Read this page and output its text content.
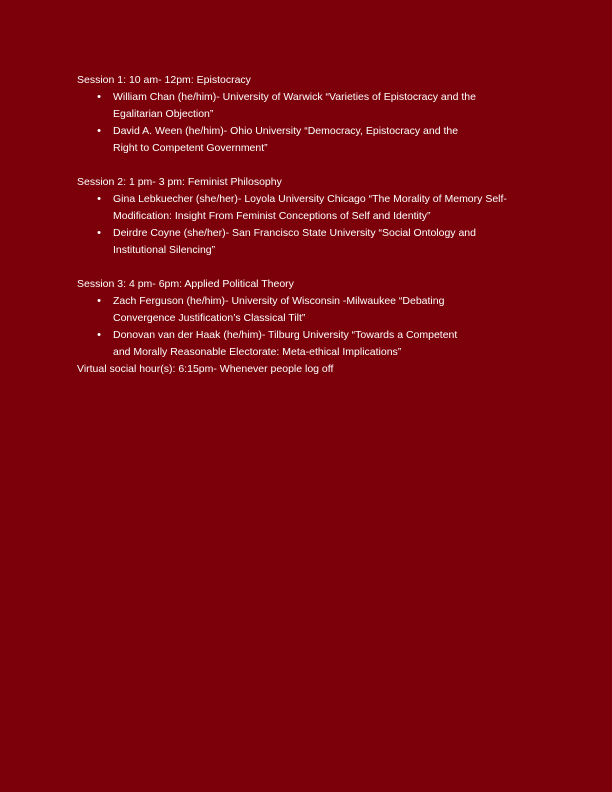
Session 1: 10 am- 12pm: Epistocracy

• William Chan (he/him)- University of Warwick “Varieties of Epistocracy and the
Egalitarian Objection”
• David A. Ween (he/him)- Ohio University “Democracy, Epistocracy and the
Right to Competent Government”

Session 2: 1 pm- 3 pm: Feminist Philosophy

• Gina Lebkuecher (she/her)- Loyola University Chicago “The Morality of Memory Self-
Modification: Insight From Feminist Conceptions of Self and Identity”
• Deirdre Coyne (she/her)- San Francisco State University “Social Ontology and
Institutional Silencing”

Session 3: 4 pm- 6pm: Applied Political Theory

• Zach Ferguson (he/him)- University of Wisconsin -Milwaukee “Debating
Convergence Justification’s Classical Tilt”
• Donovan van der Haak (he/him)- Tilburg University “Towards a Competent
and Morally Reasonable Electorate: Meta-ethical Implications”

Virtual social hour(s): 6:15pm- Whenever people log off
